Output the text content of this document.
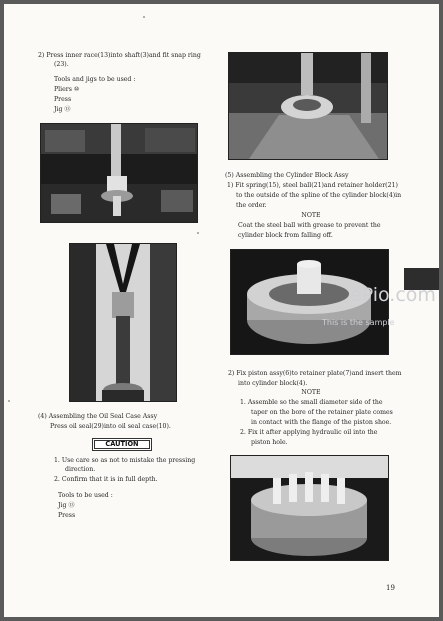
2) Press inner race(13)into shaft(3)and fit snap ring
(23).
Tools and jigs to be used :
Pliers ⑩
Press
Jig ⑬
(4) Assembling the Oil Seal Case Assy
Press oil seal(29)into oil seal case(10).
CAUTION
1. Use care so as not to mistake the pressing
direction.
2. Confirm that it is in full depth.
Tools to be used :
Jig ⑬
Press
(5) Assembling the Cylinder Block Assy
1) Fit spring(15), steel ball(21)and retainer holder(21)
to the outside of the spline of the cylinder block(4)in
the order.
NOTE
Coat the steel ball with grease to prevent the
cylinder block from falling off.
2) Fix piston assy(6)to retainer plate(7)and insert them
into cylinder block(4).
NOTE
1. Assemble so the small diameter side of the
taper on the bore of the retainer plate comes
in contact with the flange of the piston shoe.
2. Fix it after applying hydraulic oil into the
piston hole.
ePio.com
This is the sample
19
